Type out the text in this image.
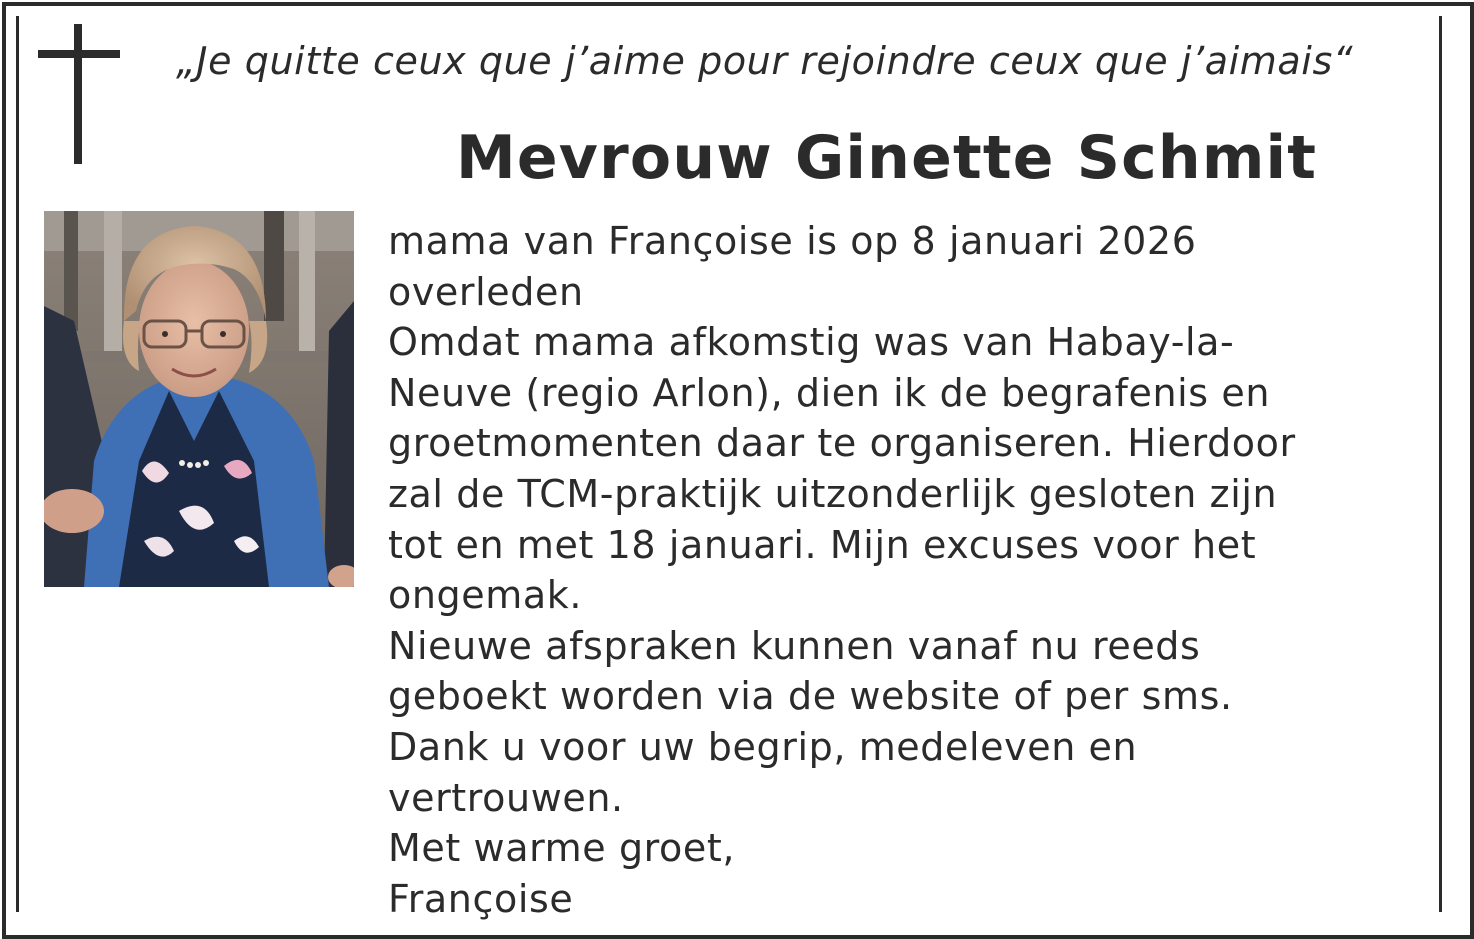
„Je quitte ceux que j’aime pour rejoindre ceux que j’aimais“
Mevrouw Ginette Schmit
mama van Françoise is op 8 januari 2026
overleden
Omdat mama afkomstig was van Habay-la-
Neuve (regio Arlon), dien ik de begrafenis en
groetmomenten daar te organiseren. Hierdoor
zal de TCM-praktijk uitzonderlijk gesloten zijn
tot en met 18 januari. Mijn excuses voor het
ongemak.
Nieuwe afspraken kunnen vanaf nu reeds
geboekt worden via de website of per sms.
Dank u voor uw begrip, medeleven en
vertrouwen.
Met warme groet,
Françoise
